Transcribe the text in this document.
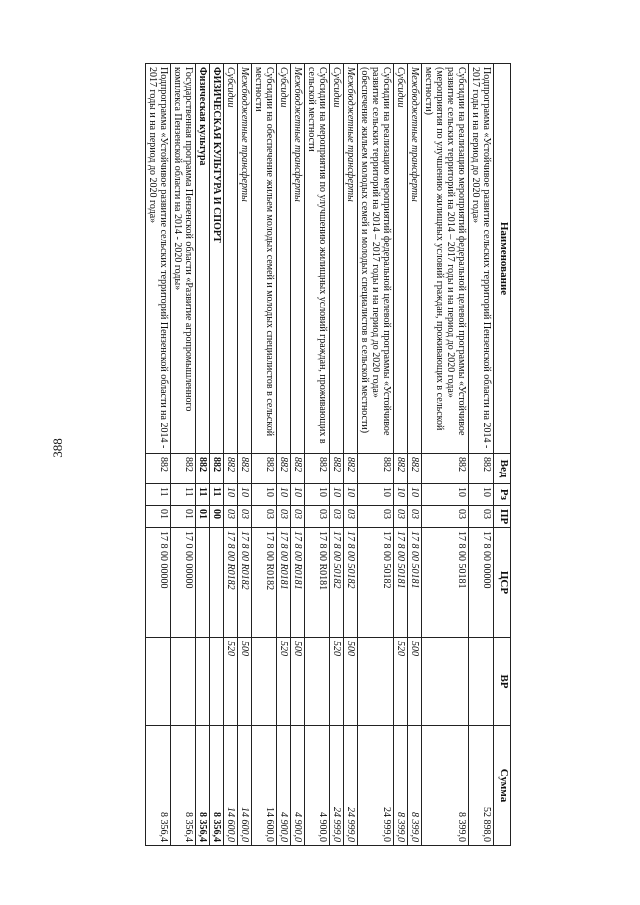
388
Наименование	Вед	Рз	ПР	ЦСР	ВР	Сумма
Подпрограмма «Устойчивое развитие сельских территорий Пензенской области на 2014 - 2017 годы и на период до 2020 года»	882	10	03	17 8 00 00000		52 898,0
Субсидии на реализацию мероприятий федеральной целевой программы «Устойчивое развитие сельских территорий на 2014 – 2017 годы и на период до 2020 года» (мероприятия по улучшению жилищных условий граждан, проживающих в сельской местности)	882	10	03	17 8 00 50181		8 399,0
Межбюджетные трансферты	882	10	03	17 8 00 50181	500	8 399,0
Субсидии	882	10	03	17 8 00 50181	520	8 399,0
Субсидии на реализацию мероприятий федеральной целевой программы «Устойчивое развитие сельских территорий на 2014 – 2017 годы и на период до 2020 года» (обеспечение жильем молодых семей и молодых специалистов в сельской местности)	882	10	03	17 8 00 50182		24 999,0
Межбюджетные трансферты	882	10	03	17 8 00 50182	500	24 999,0
Субсидии	882	10	03	17 8 00 50182	520	24 999,0
Субсидии на мероприятия по улучшению жилищных условий граждан, проживающих в сельской местности	882	10	03	17 8 00 R0181		4 900,0
Межбюджетные трансферты	882	10	03	17 8 00 R0181	500	4 900,0
Субсидии	882	10	03	17 8 00 R0181	520	4 900,0
Субсидии на обеспечение жильем молодых семей и молодых специалистов в сельской местности	882	10	03	17 8 00 R0182		14 600,0
Межбюджетные трансферты	882	10	03	17 8 00 R0182	500	14 600,0
Субсидии	882	10	03	17 8 00 R0182	520	14 600,0
ФИЗИЧЕСКАЯ КУЛЬТУРА И СПОРТ	882	11	00			8 356,4
Физическая культура	882	11	01			8 356,4
Государственная программа Пензенской области «Развитие агропромышленного комплекса Пензенской области на 2014 - 2020 годы»	882	11	01	17 0 00 00000		8 356,4
Подпрограмма «Устойчивое развитие сельских территорий Пензенской области на 2014 - 2017 годы и на период до 2020 года»	882	11	01	17 8 00 00000		8 356,4
